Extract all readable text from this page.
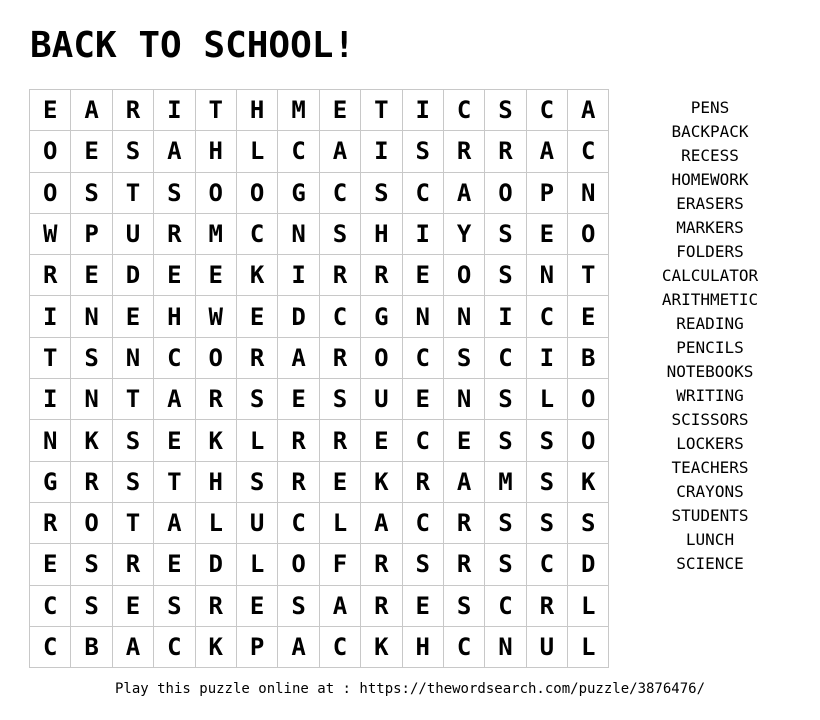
BACK TO SCHOOL!
E	A	R	I	T	H	M	E	T	I	C	S	C	A
O	E	S	A	H	L	C	A	I	S	R	R	A	C
O	S	T	S	O	O	G	C	S	C	A	O	P	N
W	P	U	R	M	C	N	S	H	I	Y	S	E	O
R	E	D	E	E	K	I	R	R	E	O	S	N	T
I	N	E	H	W	E	D	C	G	N	N	I	C	E
T	S	N	C	O	R	A	R	O	C	S	C	I	B
I	N	T	A	R	S	E	S	U	E	N	S	L	O
N	K	S	E	K	L	R	R	E	C	E	S	S	O
G	R	S	T	H	S	R	E	K	R	A	M	S	K
R	O	T	A	L	U	C	L	A	C	R	S	S	S
E	S	R	E	D	L	O	F	R	S	R	S	C	D
C	S	E	S	R	E	S	A	R	E	S	C	R	L
C	B	A	C	K	P	A	C	K	H	C	N	U	L
PENS
BACKPACK
RECESS
HOMEWORK
ERASERS
MARKERS
FOLDERS
CALCULATOR
ARITHMETIC
READING
PENCILS
NOTEBOOKS
WRITING
SCISSORS
LOCKERS
TEACHERS
CRAYONS
STUDENTS
LUNCH
SCIENCE
Play this puzzle online at : https://thewordsearch.com/puzzle/3876476/
